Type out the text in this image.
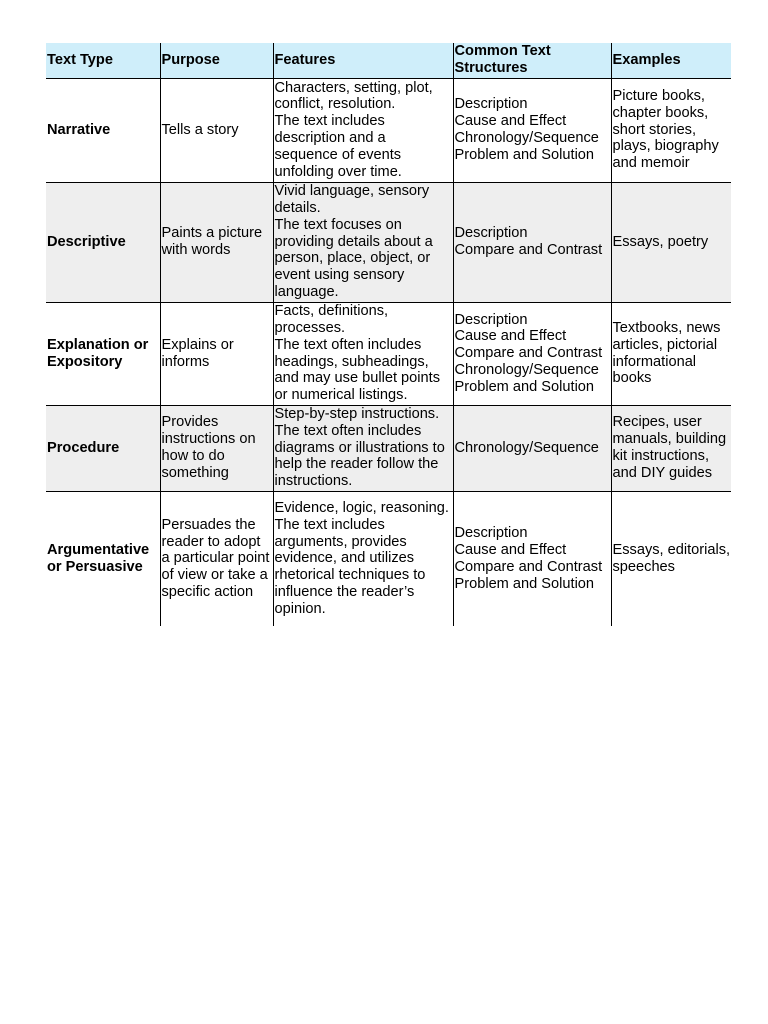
Text Type	Purpose	Features	Common Text Structures	Examples
Narrative	Tells a story	Characters, setting, plot, conflict, resolution.
The text includes description and a sequence of events unfolding over time.	Description
Cause and Effect
Chronology/Sequence
Problem and Solution	Picture books, chapter books, short stories, plays, biography and memoir
Descriptive	Paints a picture with words	Vivid language, sensory details.
The text focuses on providing details about a person, place, object, or event using sensory language.	Description
Compare and Contrast	Essays, poetry
Explanation or Expository	Explains or informs	Facts, definitions, processes.
The text often includes headings, subheadings, and may use bullet points or numerical listings.	Description
Cause and Effect
Compare and Contrast
Chronology/Sequence
Problem and Solution	Textbooks, news articles, pictorial informational books
Procedure	Provides instructions on how to do something	Step-by-step instructions.
The text often includes diagrams or illustrations to help the reader follow the instructions.	Chronology/Sequence	Recipes, user manuals, building kit instructions, and DIY guides
Argumentative or Persuasive	Persuades the reader to adopt a particular point of view or take a specific action	Evidence, logic, reasoning.
The text includes arguments, provides evidence, and utilizes rhetorical techniques to influence the reader’s opinion.	Description
Cause and Effect
Compare and Contrast
Problem and Solution	Essays, editorials, speeches
